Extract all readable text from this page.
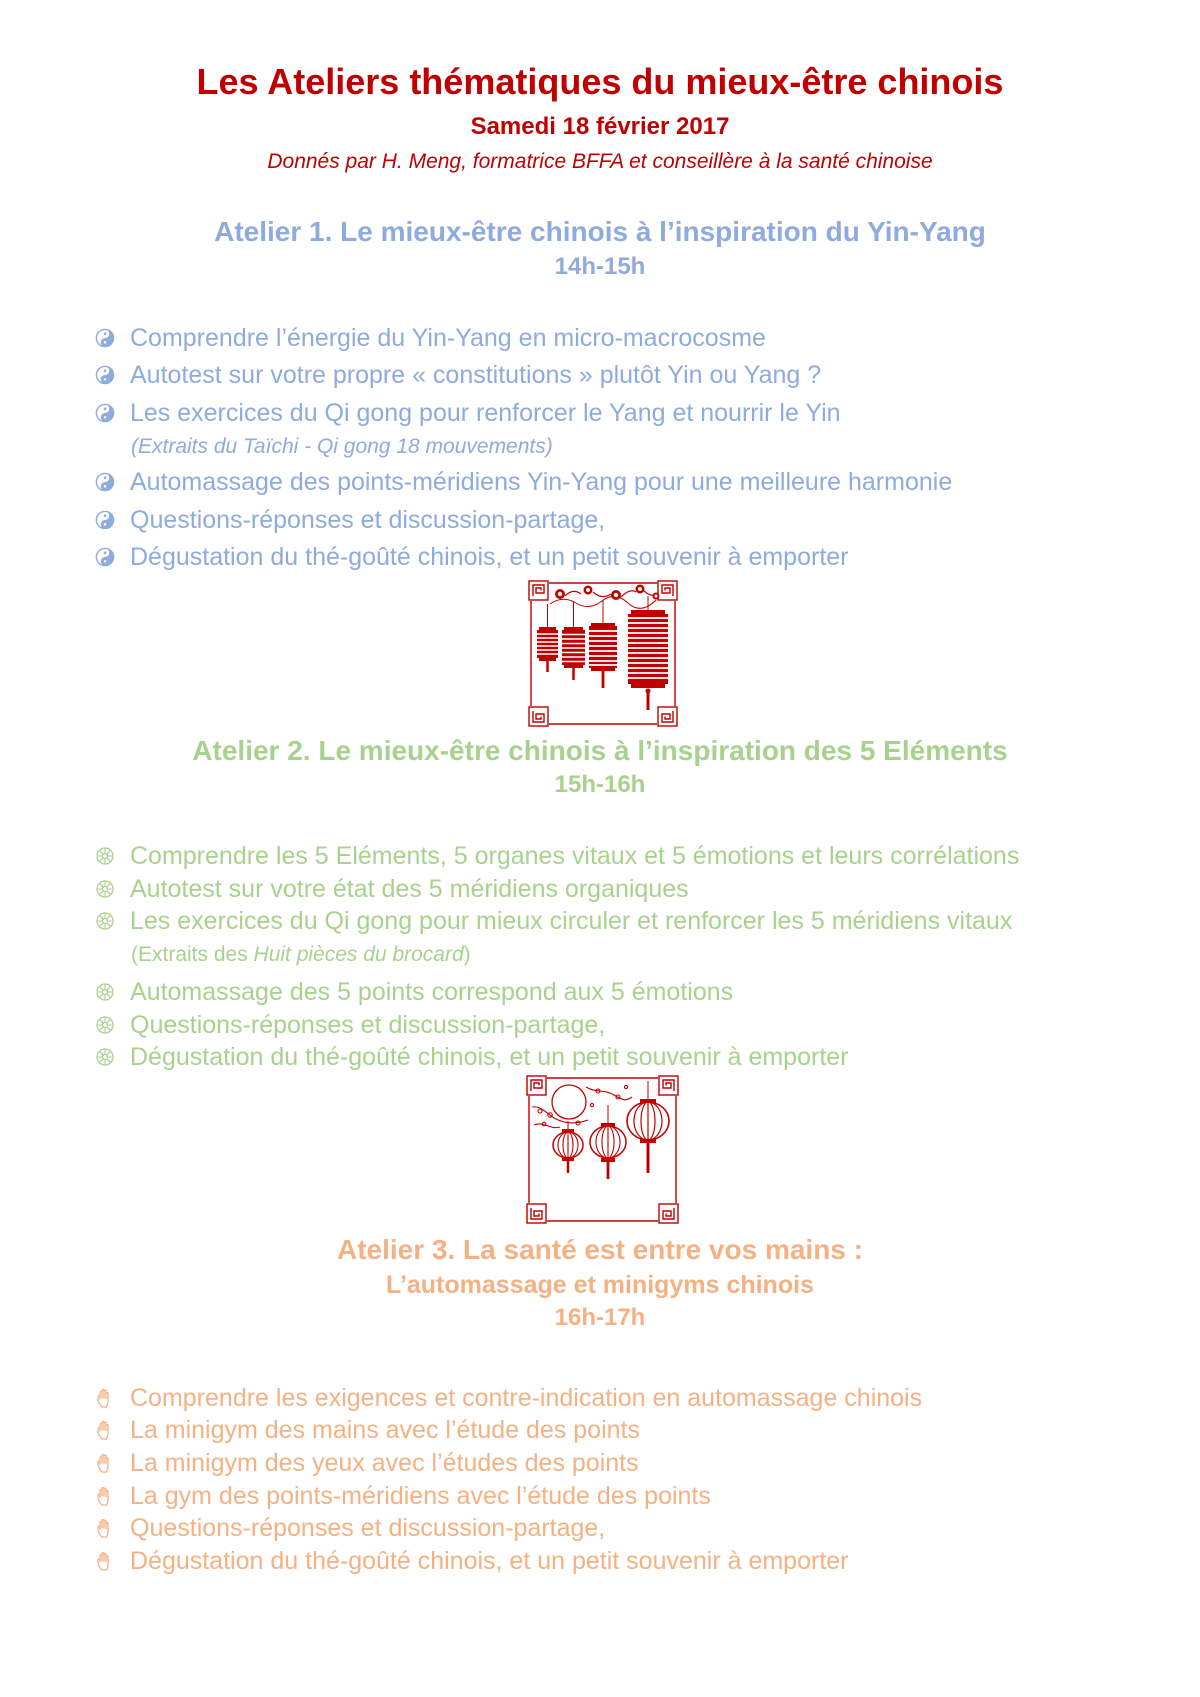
Les Ateliers thématiques du mieux-être chinois
Samedi 18 février 2017
Donnés par H. Meng, formatrice BFFA et conseillère à la santé chinoise
Atelier 1. Le mieux-être chinois à l’inspiration du Yin-Yang
14h-15h
Comprendre l’énergie du Yin-Yang en micro-macrocosme
Autotest sur votre propre « constitutions » plutôt Yin ou Yang ?
Les exercices du Qi gong pour renforcer le Yang et nourrir le Yin
(Extraits du Taïchi - Qi gong 18 mouvements)
Automassage des points-méridiens Yin-Yang pour une meilleure harmonie
Questions-réponses et discussion-partage,
Dégustation du thé-goûté chinois, et un petit souvenir à emporter
Atelier 2. Le mieux-être chinois à l’inspiration des 5 Eléments
15h-16h
Comprendre les 5 Eléments, 5 organes vitaux et 5 émotions et leurs corrélations
Autotest sur votre état des 5 méridiens organiques
Les exercices du Qi gong pour mieux circuler et renforcer les 5 méridiens vitaux
(Extraits des Huit pièces du brocard)
Automassage des 5 points correspond aux 5 émotions
Questions-réponses et discussion-partage,
Dégustation du thé-goûté chinois, et un petit souvenir à emporter
Atelier 3. La santé est entre vos mains :
L’automassage et minigyms chinois
16h-17h
Comprendre les exigences et contre-indication en automassage chinois
La minigym des mains avec l’étude des points
La minigym des yeux avec l’études des points
La gym des points-méridiens avec l’étude des points
Questions-réponses et discussion-partage,
Dégustation du thé-goûté chinois, et un petit souvenir à emporter
